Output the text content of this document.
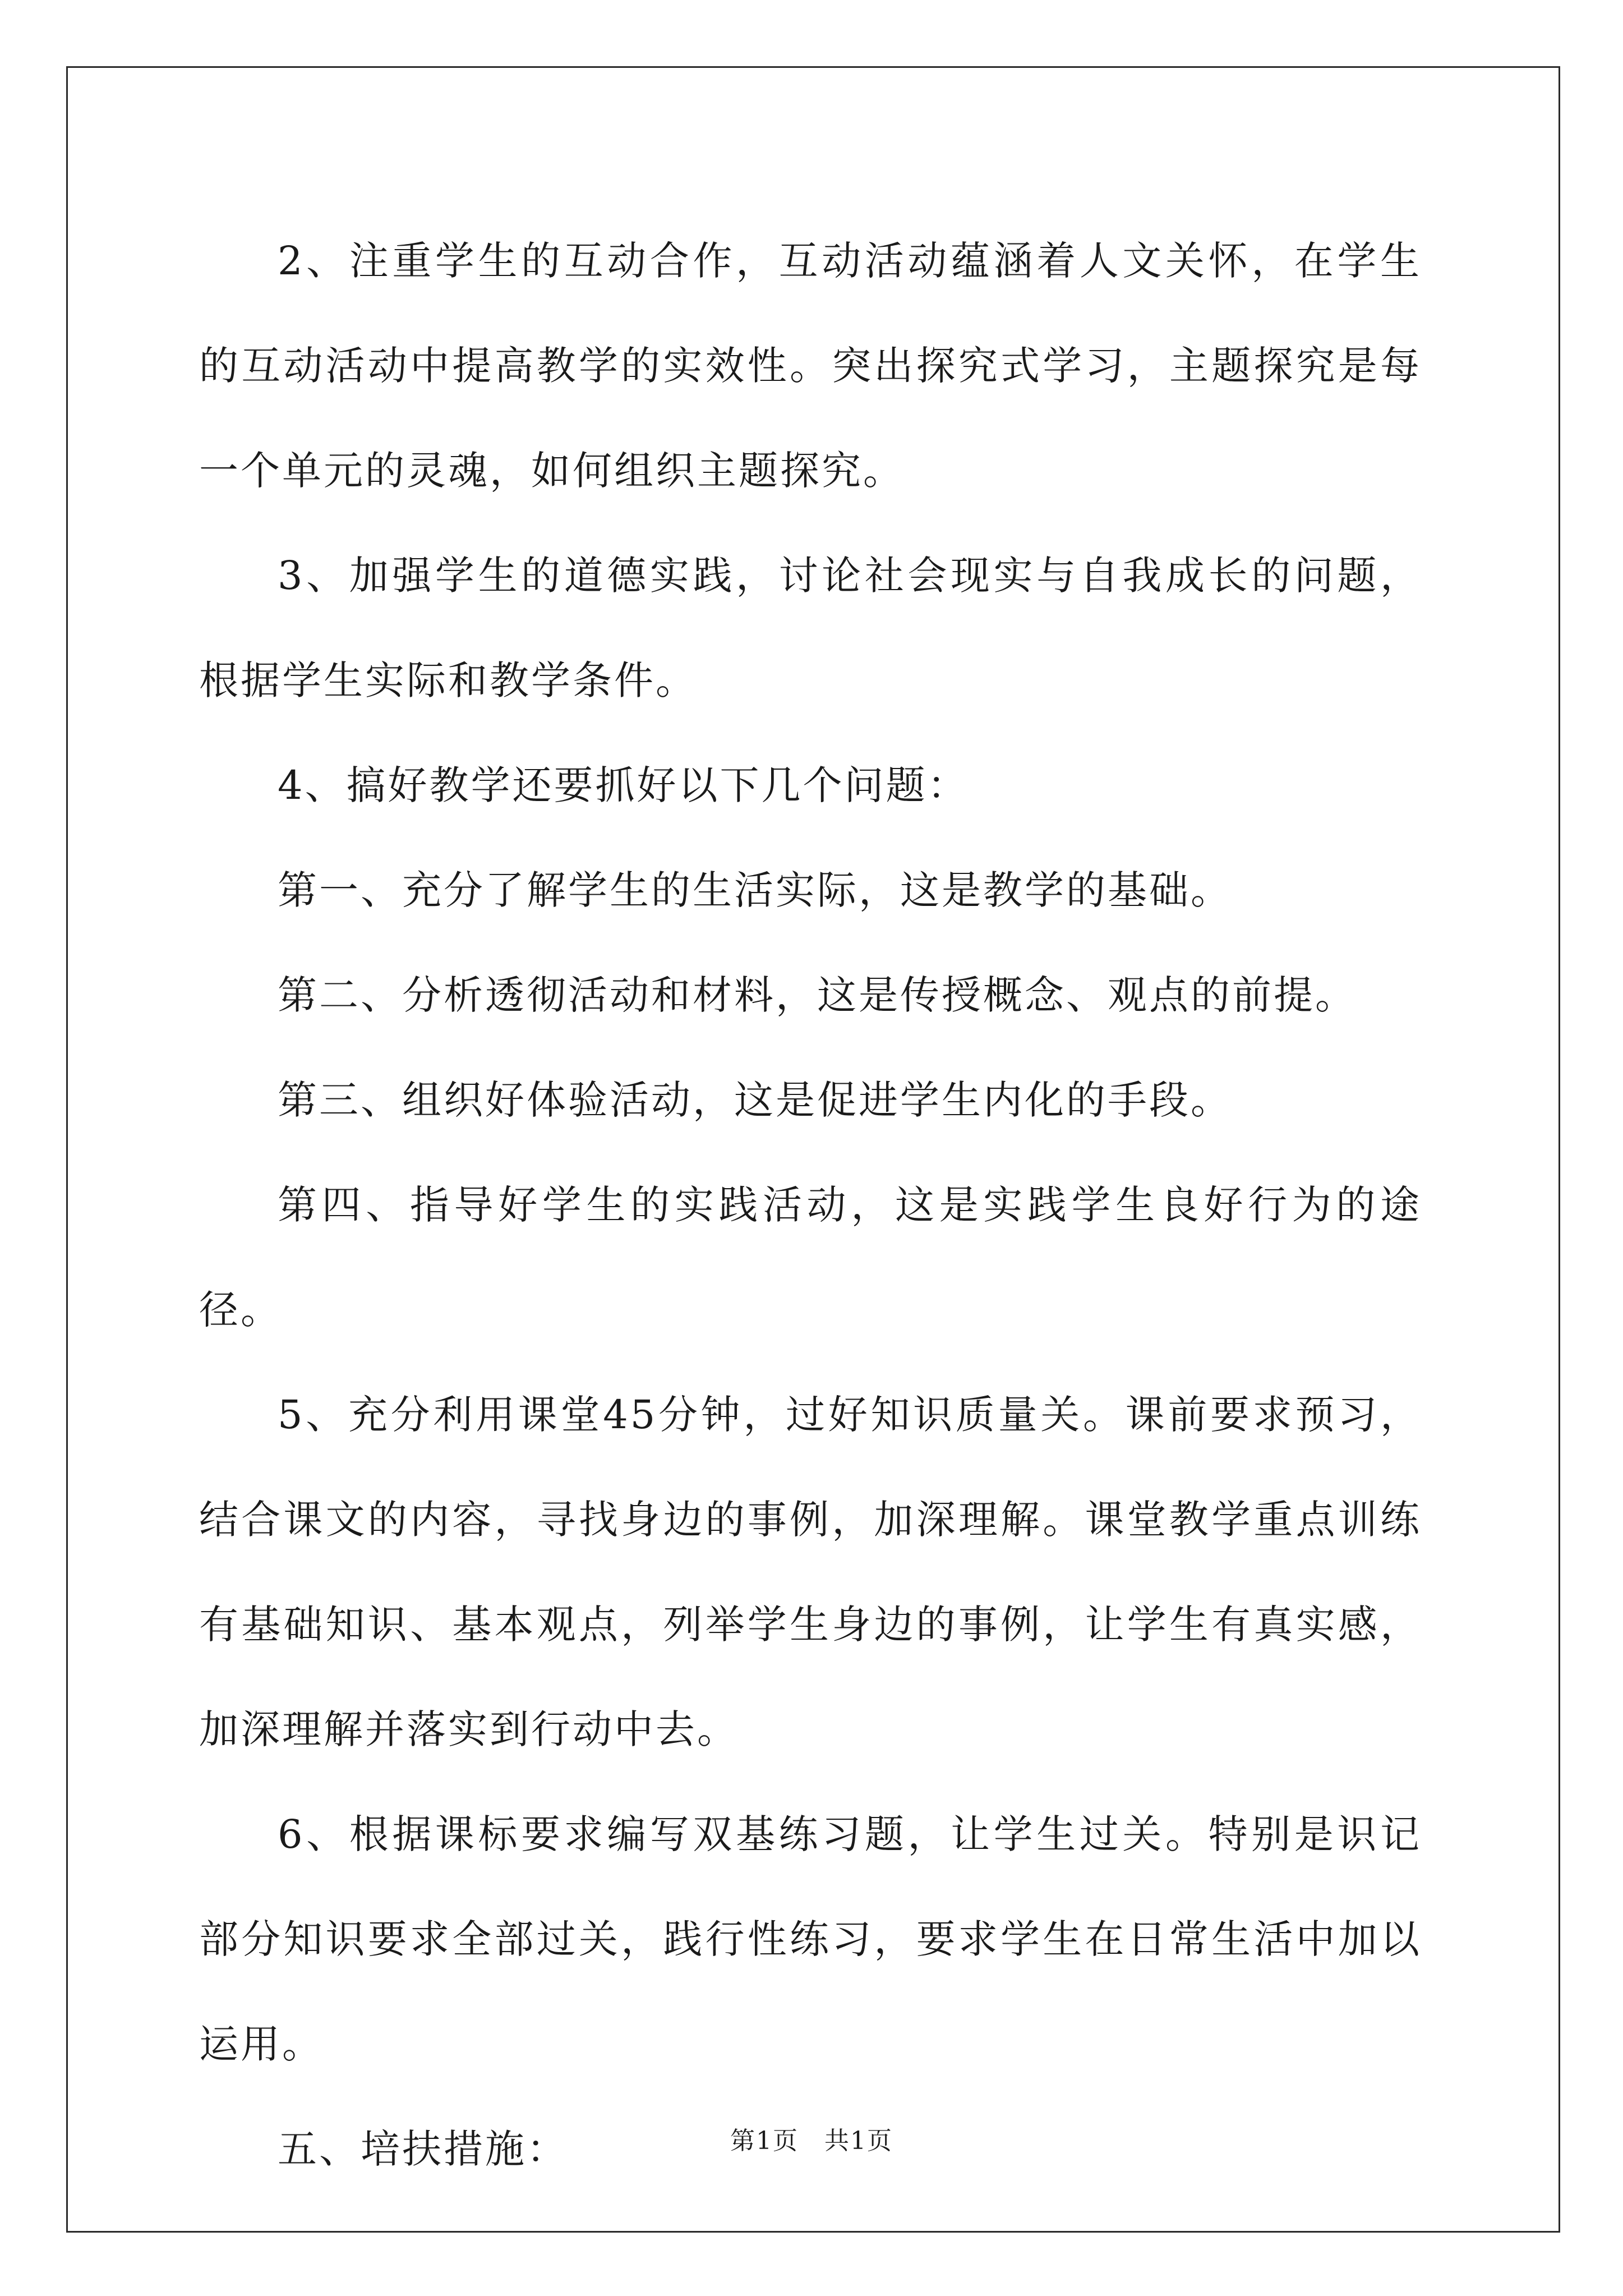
2、注重学生的互动合作，互动活动蕴涵着人文关怀，在学生的互动活动中提高教学的实效性。突出探究式学习，主题探究是每一个单元的灵魂，如何组织主题探究。

3、加强学生的道德实践，讨论社会现实与自我成长的问题，根据学生实际和教学条件。

4、搞好教学还要抓好以下几个问题：

第一、充分了解学生的生活实际，这是教学的基础。

第二、分析透彻活动和材料，这是传授概念、观点的前提。

第三、组织好体验活动，这是促进学生内化的手段。

第四、指导好学生的实践活动，这是实践学生良好行为的途径。

5、充分利用课堂45分钟，过好知识质量关。课前要求预习，结合课文的内容，寻找身边的事例，加深理解。课堂教学重点训练有基础知识、基本观点，列举学生身边的事例，让学生有真实感，加深理解并落实到行动中去。

6、根据课标要求编写双基练习题，让学生过关。特别是识记部分知识要求全部过关，践行性练习，要求学生在日常生活中加以运用。

五、培扶措施：	第1页　共1页
